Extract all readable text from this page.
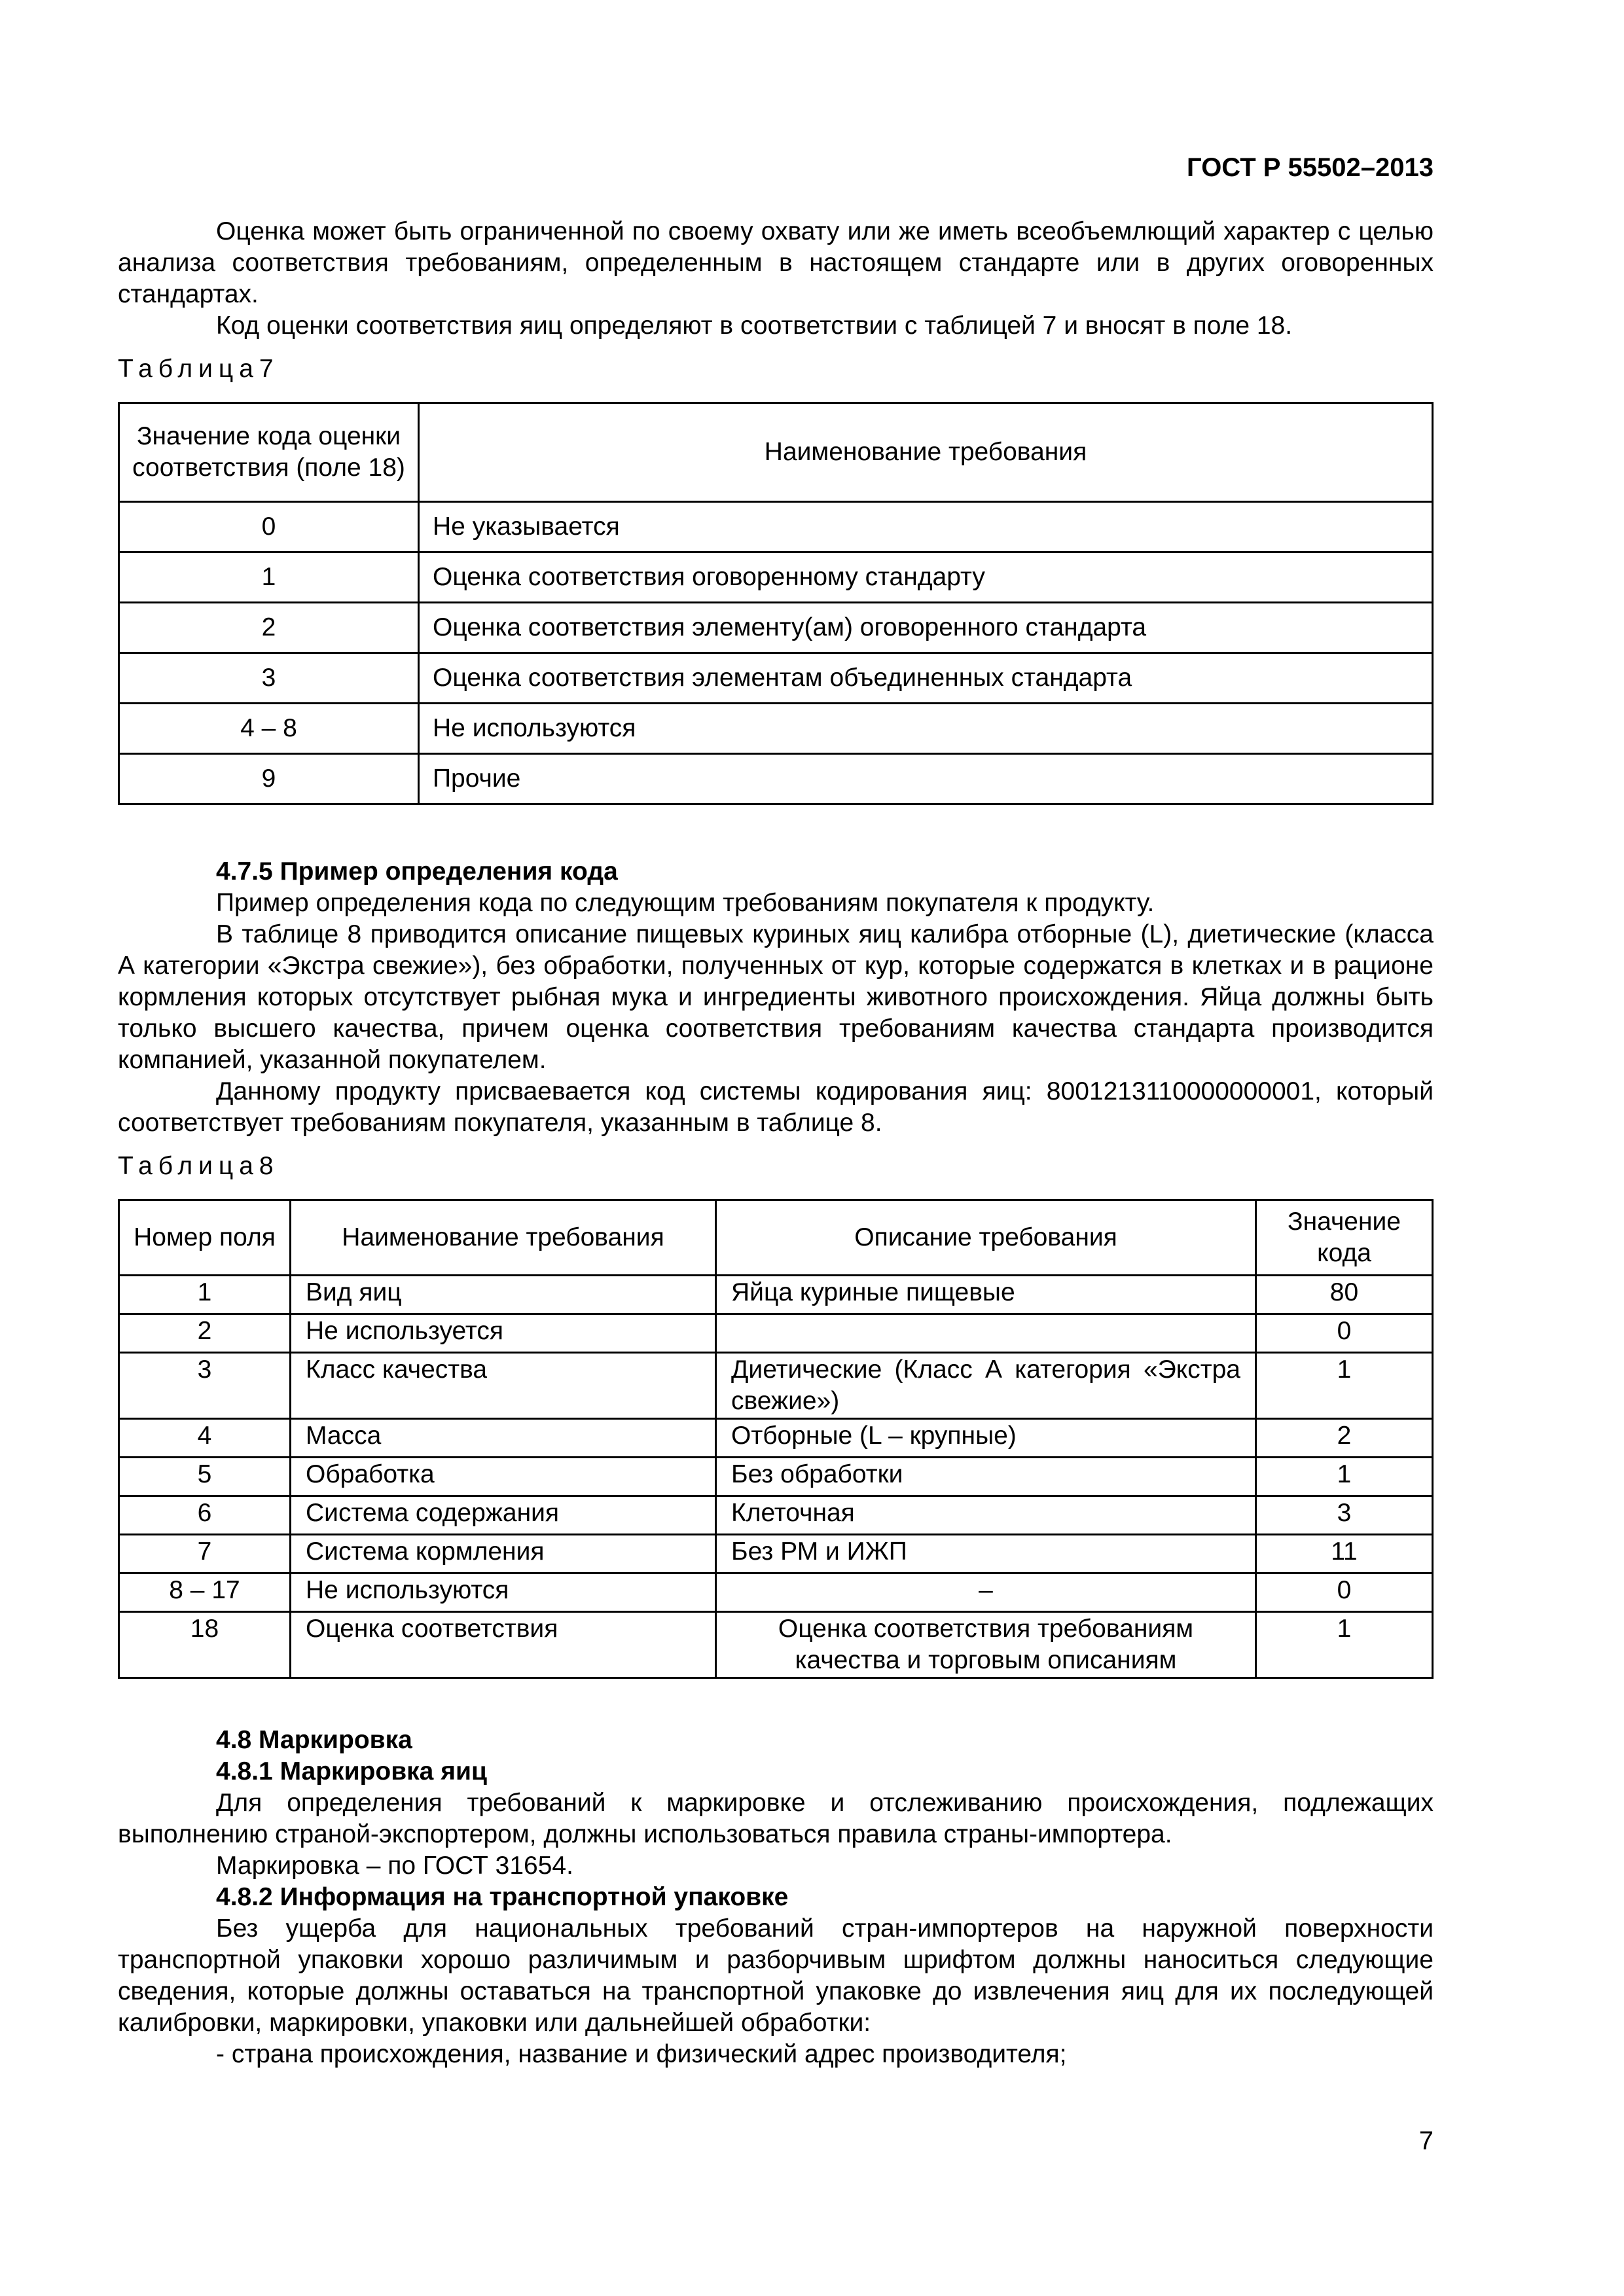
ГОСТ Р 55502–2013

Оценка может быть ограниченной по своему охвату или же иметь всеобъемлющий характер с целью анализа соответствия требованиям, определенным в настоящем стандарте или в других оговоренных стандартах.

Код оценки соответствия яиц определяют в соответствии с таблицей 7 и вносят в поле 18.

Таблица7

Значение кода оценки соответствия (поле 18)	Наименование требования
0	Не указывается
1	Оценка соответствия оговоренному стандарту
2	Оценка соответствия элементу(ам) оговоренного стандарта
3	Оценка соответствия элементам объединенных стандарта
4 – 8	Не используются
9	Прочие

4.7.5 Пример определения кода

Пример определения кода по следующим требованиям покупателя к продукту.

В таблице 8 приводится описание пищевых куриных яиц калибра отборные (L), диетические (класса А категории «Экстра свежие»), без обработки, полученных от кур, которые содержатся в клетках и в рационе кормления которых отсутствует рыбная мука и ингредиенты животного происхождения. Яйца должны быть только высшего качества, причем оценка соответствия требованиям качества стандарта производится компанией, указанной покупателем.

Данному продукту присваевается код системы кодирования яиц: 8001213110000000001, который соответствует требованиям покупателя, указанным в таблице 8.

Таблица8

Номер поля	Наименование требования	Описание требования	Значение кода
1	Вид яиц	Яйца куриные пищевые	80
2	Не используется		0
3	Класс качества	Диетические (Класс А категория «Экстра свежие»)	1
4	Масса	Отборные (L – крупные)	2
5	Обработка	Без обработки	1
6	Система содержания	Клеточная	3
7	Система кормления	Без РМ и ИЖП	11
8 – 17	Не используются	–	0
18	Оценка соответствия	Оценка соответствия требованиям качества и торговым описаниям	1

4.8 Маркировка

4.8.1 Маркировка яиц

Для определения требований к маркировке и отслеживанию происхождения, подлежащих выполнению страной-экспортером, должны использоваться правила страны-импортера.

Маркировка – по ГОСТ 31654.

4.8.2 Информация на транспортной упаковке

Без ущерба для национальных требований стран-импортеров на наружной поверхности транспортной упаковки хорошо различимым и разборчивым шрифтом должны наноситься следующие сведения, которые должны оставаться на транспортной упаковке до извлечения яиц для их последующей калибровки, маркировки, упаковки или дальнейшей обработки:

- страна происхождения, название и физический адрес производителя;

7
